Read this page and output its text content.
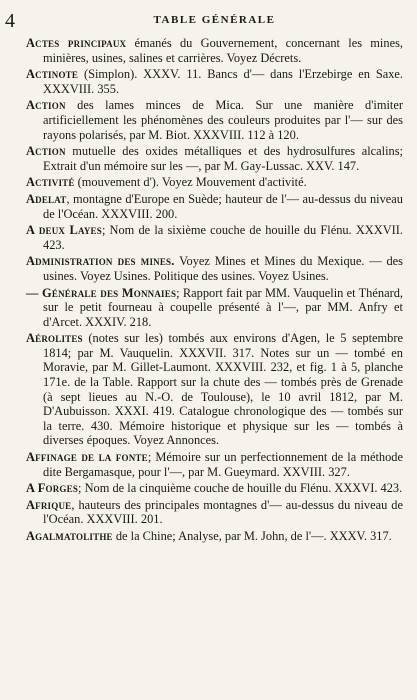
4	TABLE GÉNÉRALE

Actes principaux émanés du Gouvernement, concernant les mines, minières, usines, salines et carrières. Voyez Décrets.

Actinote (Simplon). XXXV. 11. Bancs d'— dans l'Erzebirge en Saxe. XXXVIII. 355.

Action des lames minces de Mica. Sur une manière d'imiter artificiellement les phénomènes des couleurs produites par l'— sur des rayons polarisés, par M. Biot. XXXVIII. 112 à 120.

Action mutuelle des oxides métalliques et des hydrosulfures alcalins; Extrait d'un mémoire sur les —, par M. Gay-Lussac. XXV. 147.

Activité (mouvement d'). Voyez Mouvement d'activité.

Adelat, montagne d'Europe en Suède; hauteur de l'— au-dessus du niveau de l'Océan. XXXVIII. 200.

A deux Layes; Nom de la sixième couche de houille du Flénu. XXXVII. 423.

Administration des mines. Voyez Mines et Mines du Mexique. — des usines. Voyez Usines. Politique des usines. Voyez Usines.

— Générale des Monnaies; Rapport fait par MM. Vauquelin et Thénard, sur le petit fourneau à coupelle présenté à l'—, par MM. Anfry et d'Arcet. XXXIV. 218.

Aérolites (notes sur les) tombés aux environs d'Agen, le 5 septembre 1814; par M. Vauquelin. XXXVII. 317. Notes sur un — tombé en Moravie, par M. Gillet-Laumont. XXXVIII. 232, et fig. 1 à 5, planche 171e. de la Table. Rapport sur la chute des — tombés près de Grenade (à sept lieues au N.-O. de Toulouse), le 10 avril 1812, par M. D'Aubuisson. XXXI. 419. Catalogue chronologique des — tombés sur la terre. 430. Mémoire historique et physique sur les — tombés à diverses époques. Voyez Annonces.

Affinage de la fonte; Mémoire sur un perfectionnement de la méthode dite Bergamasque, pour l'—, par M. Gueymard. XXVIII. 327.

A Forges; Nom de la cinquième couche de houille du Flénu. XXXVI. 423.

Afrique, hauteurs des principales montagnes d'— au-dessus du niveau de l'Océan. XXXVIII. 201.

Agalmatolithe de la Chine; Analyse, par M. John, de l'—. XXXV. 317.
